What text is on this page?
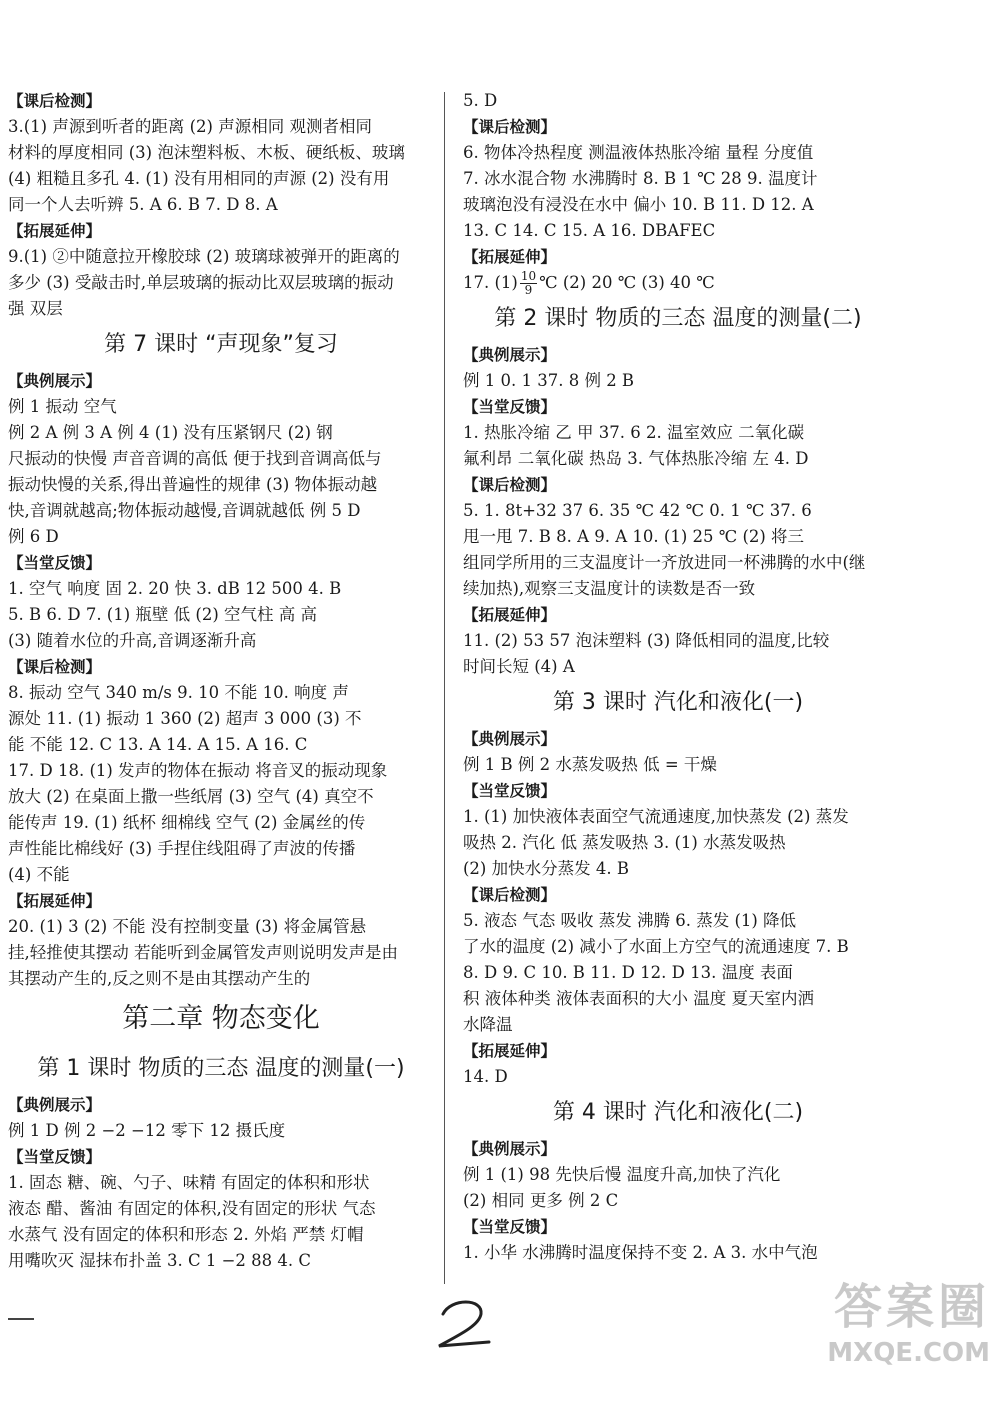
【课后检测】
3.(1) 声源到听者的距离 (2) 声源相同 观测者相同
材料的厚度相同 (3) 泡沫塑料板、木板、硬纸板、玻璃
(4) 粗糙且多孔 4. (1) 没有用相同的声源 (2) 没有用
同一个人去听辨 5. A 6. B 7. D 8. A
【拓展延伸】
9.(1) ②中随意拉开橡胶球 (2) 玻璃球被弹开的距离的
多少 (3) 受敲击时,单层玻璃的振动比双层玻璃的振动
强 双层
第 7 课时 “声现象”复习
【典例展示】
例 1 振动 空气
例 2 A 例 3 A 例 4 (1) 没有压紧钢尺 (2) 钢
尺振动的快慢 声音音调的高低 便于找到音调高低与
振动快慢的关系,得出普遍性的规律 (3) 物体振动越
快,音调就越高;物体振动越慢,音调就越低 例 5 D
例 6 D
【当堂反馈】
1. 空气 响度 固 2. 20 快 3. dB 12 500 4. B
5. B 6. D 7. (1) 瓶壁 低 (2) 空气柱 高 高
(3) 随着水位的升高,音调逐渐升高
【课后检测】
8. 振动 空气 340 m/s 9. 10 不能 10. 响度 声
源处 11. (1) 振动 1 360 (2) 超声 3 000 (3) 不
能 不能 12. C 13. A 14. A 15. A 16. C
17. D 18. (1) 发声的物体在振动 将音叉的振动现象
放大 (2) 在桌面上撒一些纸屑 (3) 空气 (4) 真空不
能传声 19. (1) 纸杯 细棉线 空气 (2) 金属丝的传
声性能比棉线好 (3) 手捏住线阻碍了声波的传播
(4) 不能
【拓展延伸】
20. (1) 3 (2) 不能 没有控制变量 (3) 将金属管悬
挂,轻推使其摆动 若能听到金属管发声则说明发声是由
其摆动产生的,反之则不是由其摆动产生的
第二章 物态变化
第 1 课时 物质的三态 温度的测量(一)
【典例展示】
例 1 D 例 2 −2 −12 零下 12 摄氏度
【当堂反馈】
1. 固态 糖、碗、勺子、味精 有固定的体积和形状
液态 醋、酱油 有固定的体积,没有固定的形状 气态
水蒸气 没有固定的体积和形态 2. 外焰 严禁 灯帽
用嘴吹灭 湿抹布扑盖 3. C 1 −2 88 4. C
5. D
【课后检测】
6. 物体冷热程度 测温液体热胀冷缩 量程 分度值
7. 冰水混合物 水沸腾时 8. B 1 ℃ 28 9. 温度计
玻璃泡没有浸没在水中 偏小 10. B 11. D 12. A
13. C 14. C 15. A 16. DBAFEC
【拓展延伸】
17. $(1) \frac{10}{9}$ ℃ (2) 20 ℃ (3) 40 ℃
第 2 课时 物质的三态 温度的测量(二)
【典例展示】
例 1 0. 1 37. 8 例 2 B
【当堂反馈】
1. 热胀冷缩 乙 甲 37. 6 2. 温室效应 二氧化碳
氟利昂 二氧化碳 热岛 3. 气体热胀冷缩 左 4. D
【课后检测】
5. 1. 8t+32 37 6. 35 ℃ 42 ℃ 0. 1 ℃ 37. 6
甩一甩 7. B 8. A 9. A 10. (1) 25 ℃ (2) 将三
组同学所用的三支温度计一齐放进同一杯沸腾的水中(继
续加热),观察三支温度计的读数是否一致
【拓展延伸】
11. (2) 53 57 泡沫塑料 (3) 降低相同的温度,比较
时间长短 (4) A
第 3 课时 汽化和液化(一)
【典例展示】
例 1 B 例 2 水蒸发吸热 低 = 干燥
【当堂反馈】
1. (1) 加快液体表面空气流通速度,加快蒸发 (2) 蒸发
吸热 2. 汽化 低 蒸发吸热 3. (1) 水蒸发吸热
(2) 加快水分蒸发 4. B
【课后检测】
5. 液态 气态 吸收 蒸发 沸腾 6. 蒸发 (1) 降低
了水的温度 (2) 减小了水面上方空气的流通速度 7. B
8. D 9. C 10. B 11. D 12. D 13. 温度 表面
积 液体种类 液体表面积的大小 温度 夏天室内洒
水降温
【拓展延伸】
14. D
第 4 课时 汽化和液化(二)
【典例展示】
例 1 (1) 98 先快后慢 温度升高,加快了汽化
(2) 相同 更多 例 2 C
【当堂反馈】
1. 小华 水沸腾时温度保持不变 2. A 3. 水中气泡
答案圈
MXQE.COM
